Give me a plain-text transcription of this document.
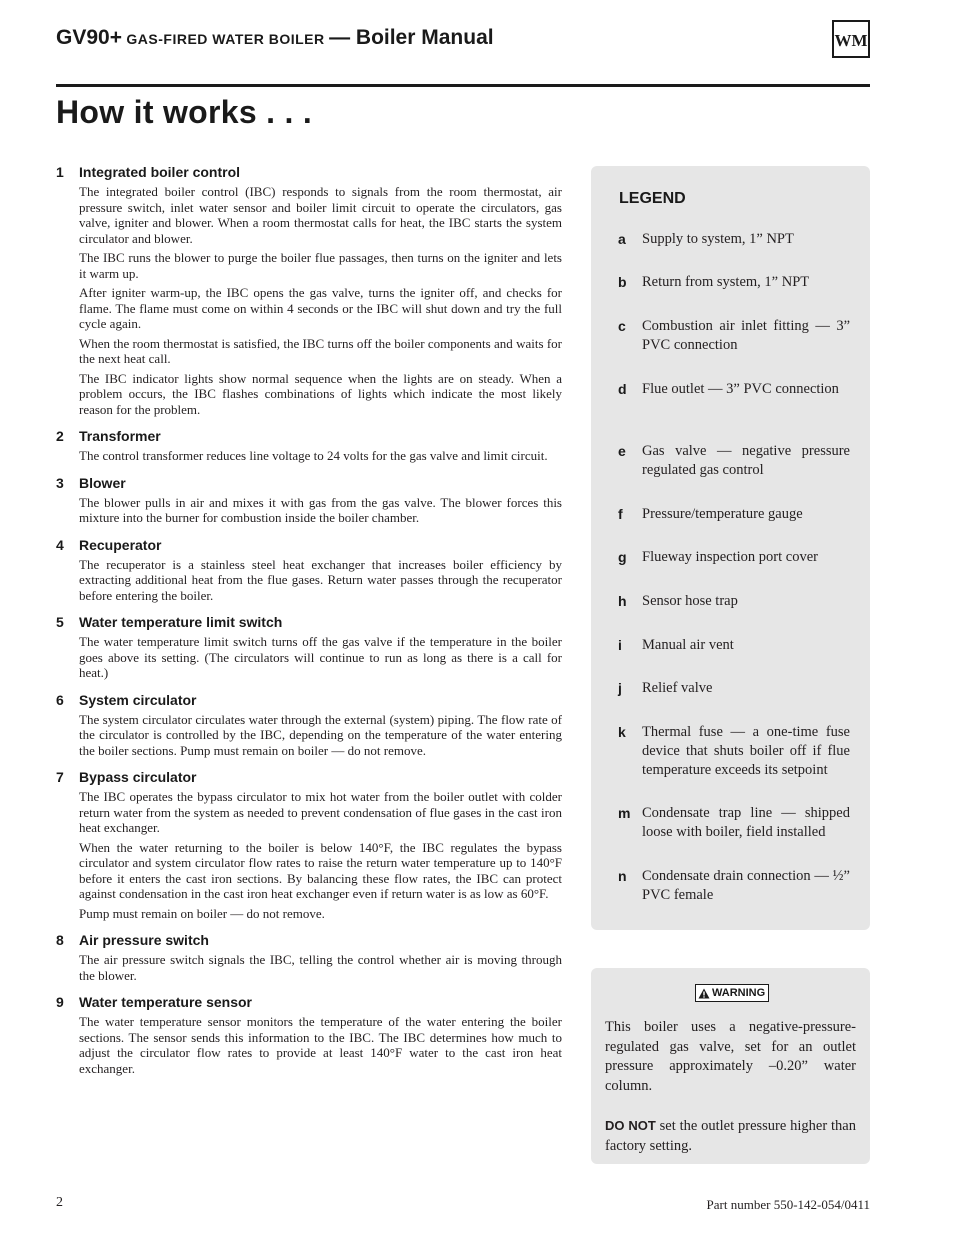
GV90+ GAS-FIRED WATER BOILER — Boiler Manual	WM
How it works . . .
1 Integrated boiler control
The integrated boiler control (IBC) responds to signals from the room thermostat, air pressure switch, inlet water sensor and boiler limit circuit to operate the circulators, gas valve, igniter and blower. When a room thermostat calls for heat, the IBC starts the system circulator and blower.
The IBC runs the blower to purge the boiler flue passages, then turns on the igniter and lets it warm up.
After igniter warm-up, the IBC opens the gas valve, turns the igniter off, and checks for flame. The flame must come on within 4 seconds or the IBC will shut down and try the full cycle again.
When the room thermostat is satisfied, the IBC turns off the boiler components and waits for the next heat call.
The IBC indicator lights show normal sequence when the lights are on steady. When a problem occurs, the IBC flashes combinations of lights which indicate the most likely reason for the problem.
2 Transformer
The control transformer reduces line voltage to 24 volts for the gas valve and limit circuit.
3 Blower
The blower pulls in air and mixes it with gas from the gas valve. The blower forces this mixture into the burner for combustion inside the boiler chamber.
4 Recuperator
The recuperator is a stainless steel heat exchanger that increases boiler efficiency by extracting additional heat from the flue gases. Return water passes through the recuperator before entering the boiler.
5 Water temperature limit switch
The water temperature limit switch turns off the gas valve if the temperature in the boiler goes above its setting. (The circulators will continue to run as long as there is a call for heat.)
6 System circulator
The system circulator circulates water through the external (system) piping. The flow rate of the circulator is controlled by the IBC, depending on the temperature of the water entering the boiler sections. Pump must remain on boiler — do not remove.
7 Bypass circulator
The IBC operates the bypass circulator to mix hot water from the boiler outlet with colder return water from the system as needed to prevent condensation of flue gases in the cast iron heat exchanger.
When the water returning to the boiler is below 140°F, the IBC regulates the bypass circulator and system circulator flow rates to raise the return water temperature up to 140°F before it enters the cast iron sections. By balancing these flow rates, the IBC can protect against condensation in the cast iron heat exchanger even if return water is as low as 60°F.
Pump must remain on boiler — do not remove.
8 Air pressure switch
The air pressure switch signals the IBC, telling the control whether air is moving through the blower.
9 Water temperature sensor
The water temperature sensor monitors the temperature of the water entering the boiler sections. The sensor sends this information to the IBC. The IBC determines how much to adjust the circulator flow rates to provide at least 140°F water to the cast iron heat exchanger.
LEGEND
a	Supply to system, 1” NPT
b	Return from system, 1” NPT
c	Combustion air inlet fitting — 3” PVC connection
d	Flue outlet — 3” PVC connection
e	Gas valve — negative pressure regulated gas control
f	Pressure/temperature gauge
g	Flueway inspection port cover
h	Sensor hose trap
i	Manual air vent
j	Relief valve
k	Thermal fuse — a one-time fuse device that shuts boiler off if flue temperature exceeds its setpoint
m Condensate trap line — shipped loose with boiler, field installed
n	Condensate drain connection — ½” PVC female
WARNING
This boiler uses a negative-pressure-regulated gas valve, set for an outlet pressure approximately –0.20” water column.
DO NOT set the outlet pressure higher than factory setting.
2	Part number 550-142-054/0411
